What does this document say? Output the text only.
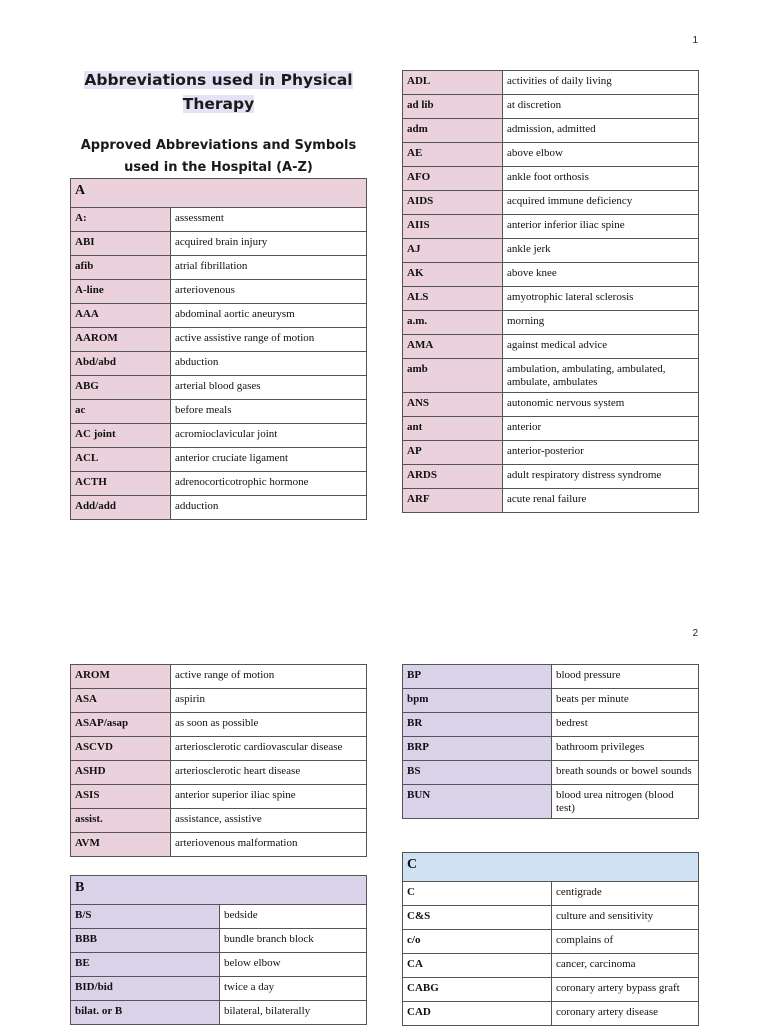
1
2
Abbreviations used in Physical Therapy
Approved Abbreviations and Symbols used in the Hospital (A-Z)
A	
A:	assessment
ABI	acquired brain injury
afib	atrial fibrillation
A-line	arteriovenous
AAA	abdominal aortic aneurysm
AAROM	active assistive range of motion
Abd/abd	abduction
ABG	arterial blood gases
ac	before meals
AC joint	acromioclavicular joint
ACL	anterior cruciate ligament
ACTH	adrenocorticotrophic hormone
Add/add	adduction
ADL	activities of daily living
ad lib	at discretion
adm	admission, admitted
AE	above elbow
AFO	ankle foot orthosis
AIDS	acquired immune deficiency
AIIS	anterior inferior iliac spine
AJ	ankle jerk
AK	above knee
ALS	amyotrophic lateral sclerosis
a.m.	morning
AMA	against medical advice
amb	ambulation, ambulating, ambulated, ambulate, ambulates
ANS	autonomic nervous system
ant	anterior
AP	anterior-posterior
ARDS	adult respiratory distress syndrome
ARF	acute renal failure
AROM	active range of motion
ASA	aspirin
ASAP/asap	as soon as possible
ASCVD	arteriosclerotic cardiovascular disease
ASHD	arteriosclerotic heart disease
ASIS	anterior superior iliac spine
assist.	assistance, assistive
AVM	arteriovenous malformation
B	
B/S	bedside
BBB	bundle branch block
BE	below elbow
BID/bid	twice a day
bilat. or B	bilateral, bilaterally
BP	blood pressure
bpm	beats per minute
BR	bedrest
BRP	bathroom privileges
BS	breath sounds or bowel sounds
BUN	blood urea nitrogen (blood test)
C	
C	centigrade
C&S	culture and sensitivity
c/o	complains of
CA	cancer, carcinoma
CABG	coronary artery bypass graft
CAD	coronary artery disease
